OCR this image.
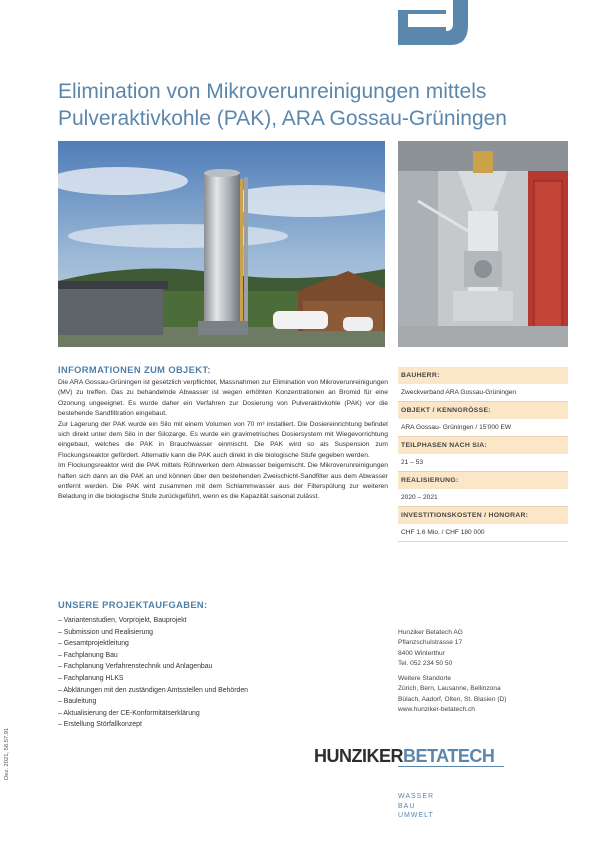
Elimination von Mikroverunreinigungen mittels
Pulveraktivkohle (PAK), ARA Gossau-Grüningen
INFORMATIONEN ZUM OBJEKT:

Die ARA Gossau-Grüningen ist gesetzlich verpflichtet, Massnahmen zur Elimination von Mikroverunreinigungen (MV) zu treffen. Das zu behandelnde Abwasser ist wegen erhöhten Konzentrationen an Bromid für eine Ozonung ungeeignet. Es wurde daher ein Verfahren zur Dosierung von Pulveraktivkohle (PAK) vor die bestehende Sandfiltration eingebaut.

Zur Lagerung der PAK wurde ein Silo mit einem Volumen von 70 m³ installiert. Die Dosiereinrichtung befindet sich direkt unter dem Silo in der Silozarge. Es wurde ein gravimetrisches Dosiersystem mit Wiegevorrichtung eingebaut, welches die PAK in Brauchwasser einmischt. Die PAK wird so als Suspension zum Flockungsreaktor gefördert. Alternativ kann die PAK auch direkt in die biologische Stufe gegeben werden.

Im Flockungsreaktor wird die PAK mittels Rührwerken dem Abwasser beigemischt. Die Mikroverunreinigungen haften sich dann an die PAK an und können über den bestehenden Zweischicht-Sandfilter aus dem Abwasser entfernt werden. Die PAK wird zusammen mit dem Schlammwasser aus der Filterspülung zur weiteren Beladung in die biologische Stufe zurückgeführt, wenn es die Kapazität saisonal zulässt.

BAUHERR:
Zweckverband ARA Gossau-Grüningen
OBJEKT / KENNGRÖSSE:
ARA Gossau- Grüningen / 15'000 EW
TEILPHASEN NACH SIA:
21 – 53
REALISIERUNG:
2020 – 2021
INVESTITIONSKOSTEN / HONORAR:
CHF 1.6 Mio. / CHF 180 000
UNSERE PROJEKTAUFGABEN:
– Variantenstudien, Vorprojekt, Bauprojekt
– Submission und Realisierung
– Gesamtprojektleitung
– Fachplanung Bau
– Fachplanung Verfahrenstechnik und Anlagenbau
– Fachplanung HLKS
– Abklärungen mit den zuständigen Amtsstellen und Behörden
– Bauleitung
– Aktualisierung der CE-Konformitätserklärung
– Erstellung Störfallkonzept
Hunziker Betatech AG
Pflanzschulstrasse 17
8400 Winterthur
Tel. 052 234 50 50
Weitere Standorte
Zürich, Bern, Lausanne, Bellinzona
Bülach, Aadorf, Olten, St. Blasien (D)
www.hunziker-betatech.ch
HUNZIKERBETATECH
WASSER
BAU
UMWELT
Dez. 2021, 58.57.91
